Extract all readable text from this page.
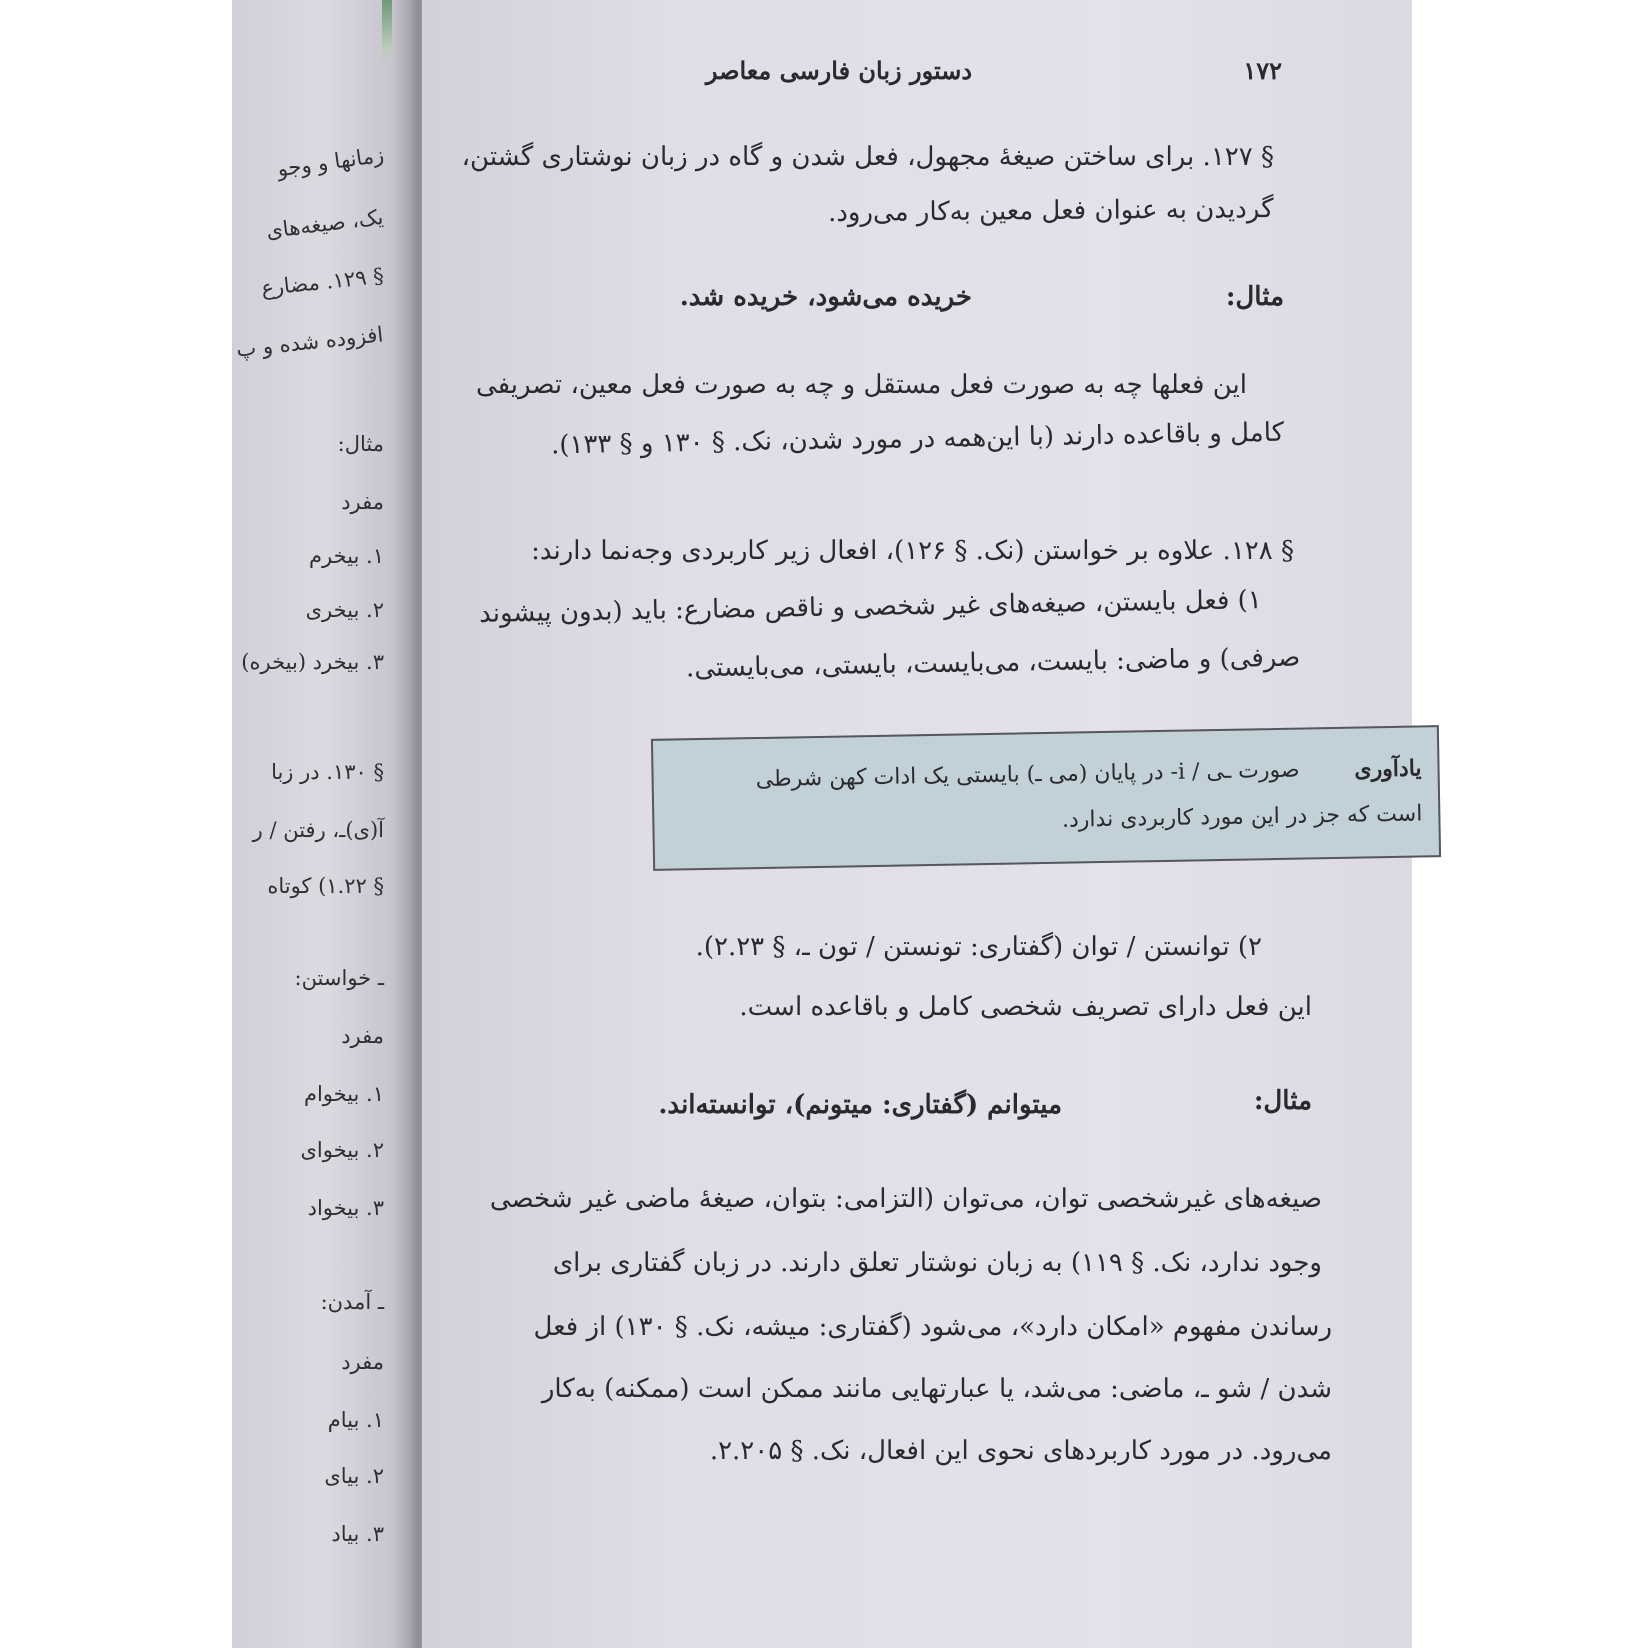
زمانها و وجو
یک، صیغه‌های
§ ۱۲۹. مضارع
افزوده شده و پ
مثال:
مفرد
۱. بیخرم
۲. بیخری
۳. بیخرد (بیخره)
§ ۱۳۰. در زبا
آ(ی)ـ، رفتن / ر
§ ۱.۲۲) کوتاه
ـ خواستن:
مفرد
۱. بیخوام
۲. بیخوای
۳. بیخواد
ـ آمدن:
مفرد
۱. بیام
۲. بیای
۳. بیاد
۱۷۲
دستور زبان فارسی معاصر
§ ۱۲۷. برای ساختن صیغهٔ مجهول، فعل شدن و گاه در زبان نوشتاری گشتن،
گردیدن به عنوان فعل معین به‌کار می‌رود.
مثال:
خریده می‌شود، خریده شد.
این فعلها چه به صورت فعل مستقل و چه به صورت فعل معین، تصریفی
کامل و باقاعده دارند (با این‌همه در مورد شدن، نک. § ۱۳۰ و § ۱۳۳).
§ ۱۲۸. علاوه بر خواستن (نک. § ۱۲۶)، افعال زیر کاربردی وجه‌نما دارند:
۱) فعل بایستن، صیغه‌های غیر شخصی و ناقص مضارع: باید (بدون پیشوند
صرفی) و ماضی: بایست، می‌بایست، بایستی، می‌بایستی.
یادآوری
صورت ـی / i- در پایان (می ـ) بایستی یک ادات کهن شرطی
است که جز در این مورد کاربردی ندارد.
۲) توانستن / توان (گفتاری: تونستن / تون ـ، § ۲.۲۳).
این فعل دارای تصریف شخصی کامل و باقاعده است.
مثال:
میتوانم (گفتاری: میتونم)، توانسته‌اند.
صیغه‌های غیرشخصی توان، می‌توان (التزامی: بتوان، صیغهٔ ماضی غیر شخصی
وجود ندارد، نک. § ۱۱۹) به زبان نوشتار تعلق دارند. در زبان گفتاری برای
رساندن مفهوم «امکان دارد»، می‌شود (گفتاری: میشه، نک. § ۱۳۰) از فعل
شدن / شو ـ، ماضی: می‌شد، یا عبارتهایی مانند ممکن است (ممکنه) به‌کار
می‌رود. در مورد کاربردهای نحوی این افعال، نک. § ۲.۲۰۵.
